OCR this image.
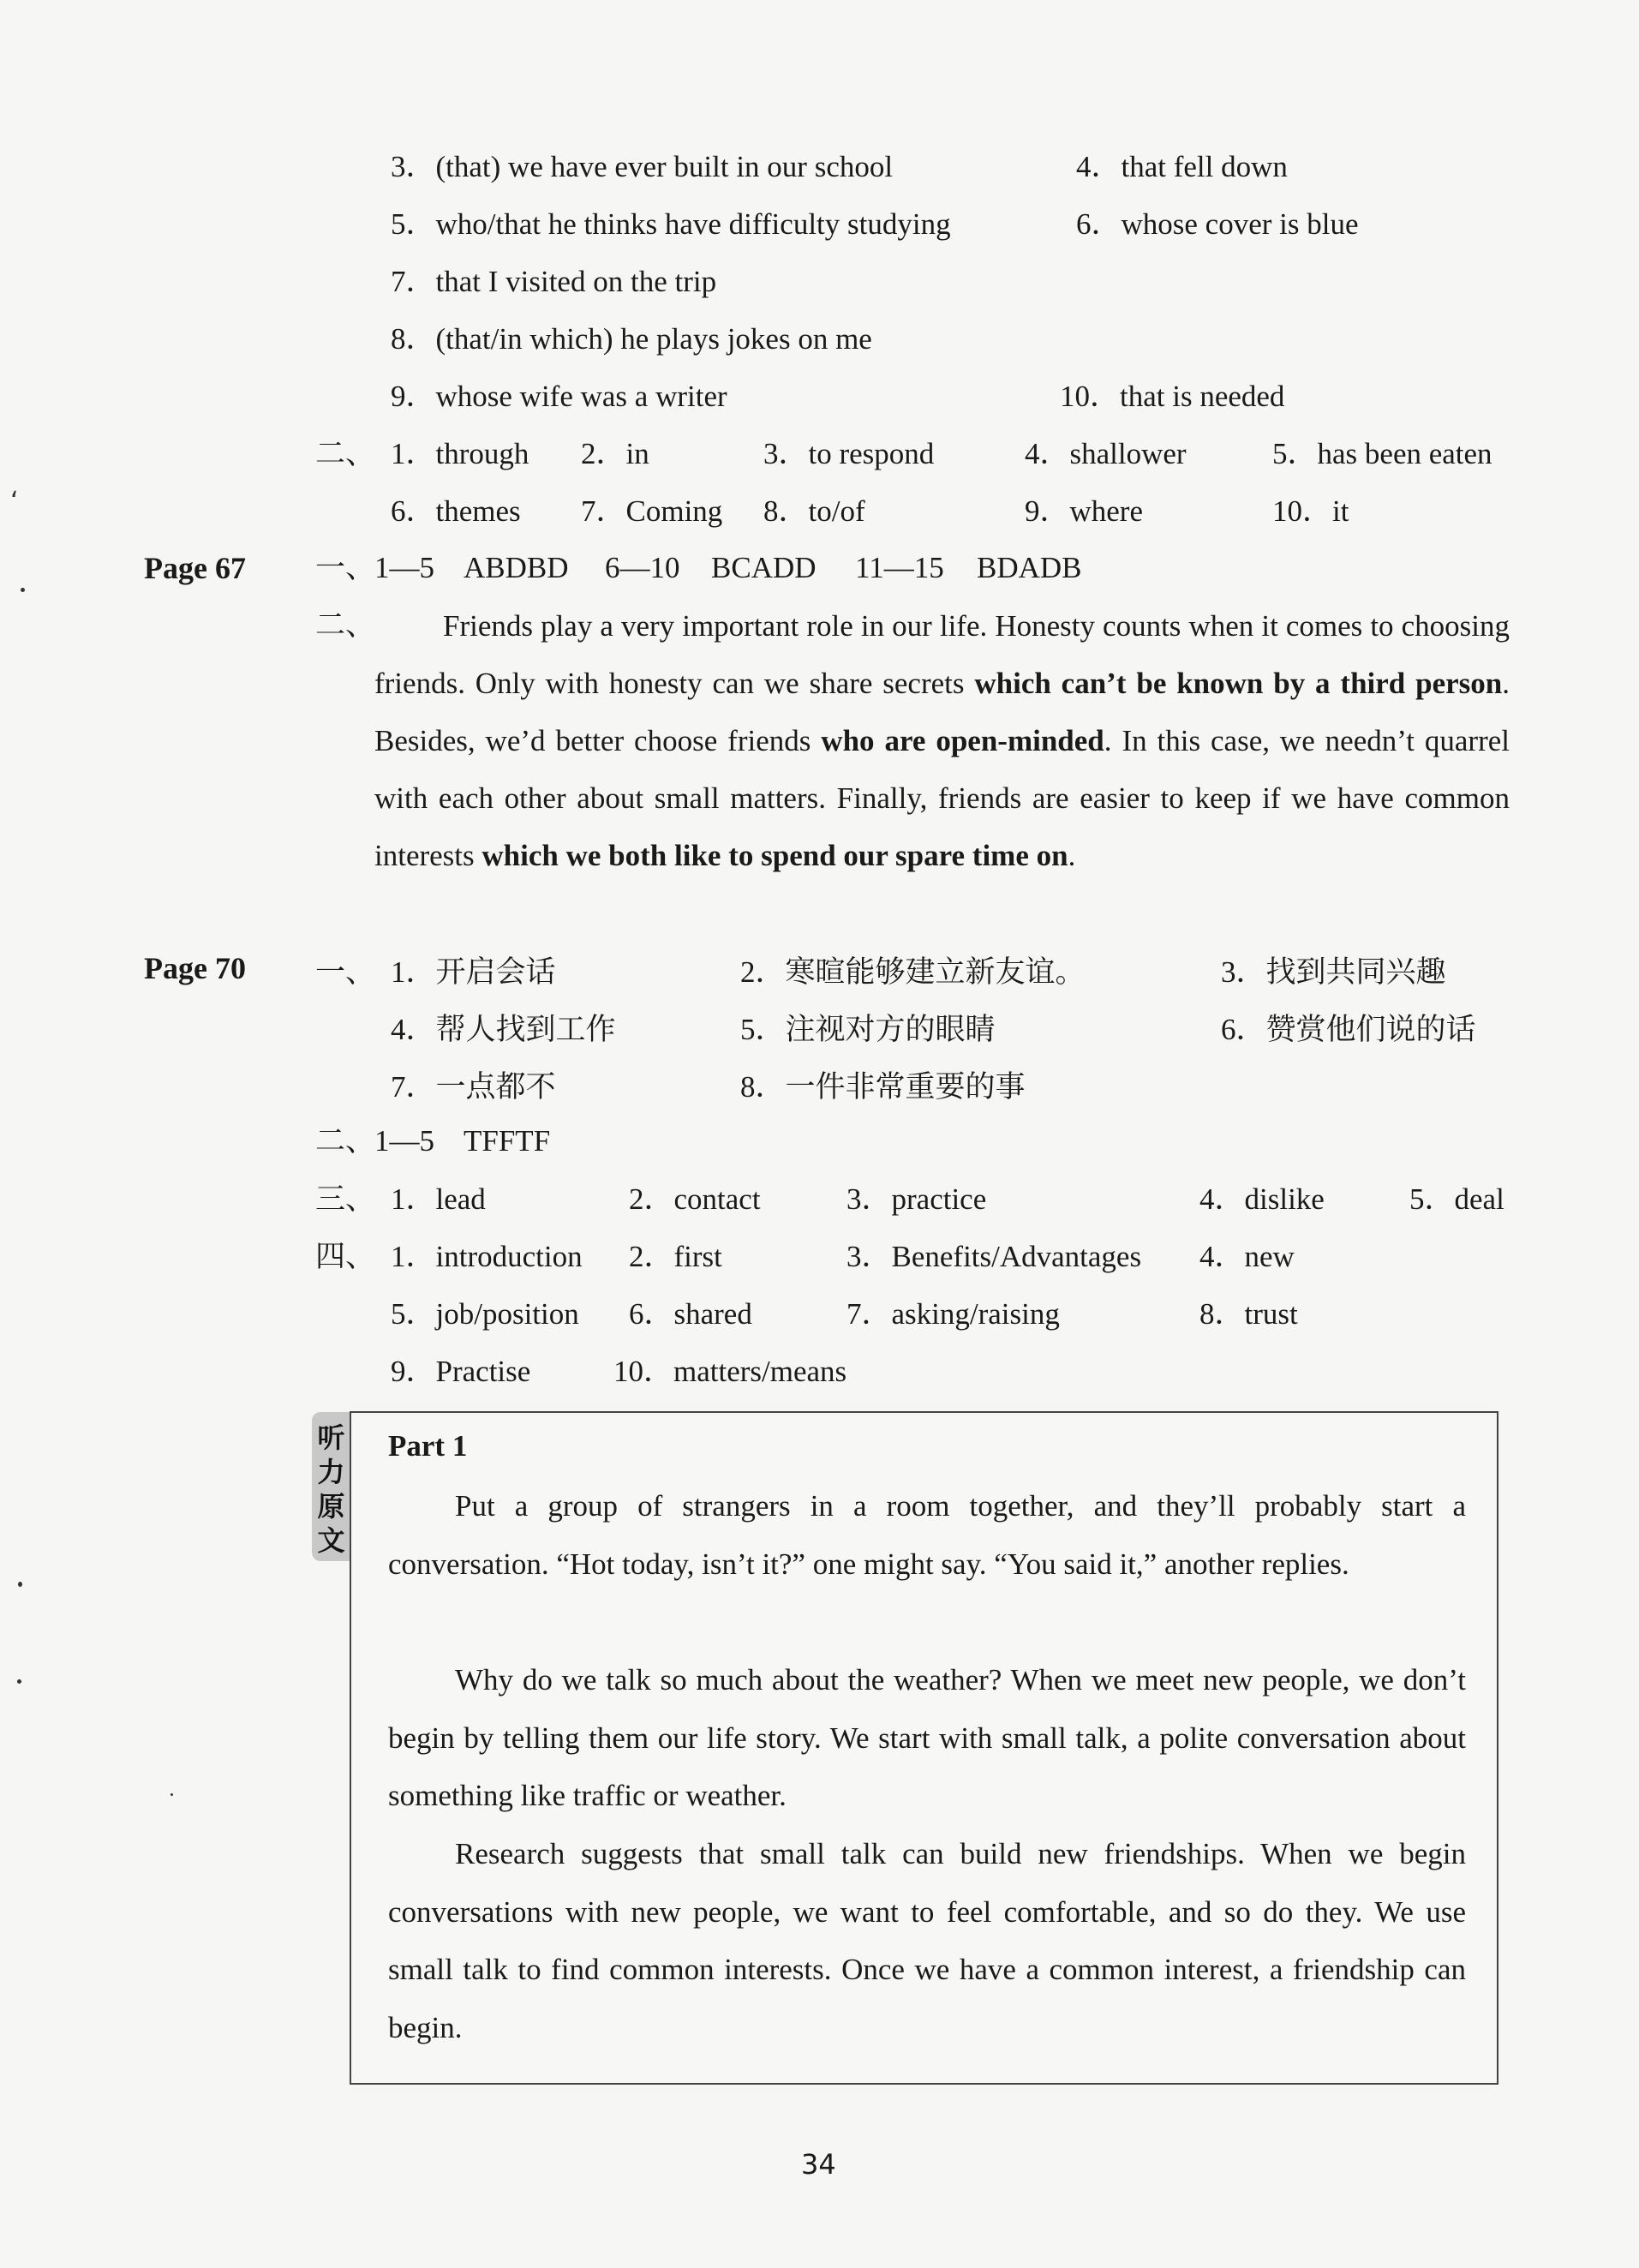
3．(that) we have ever built in our school	4．that fell down
5．who/that he thinks have difficulty studying	6．whose cover is blue
7．that I visited on the trip
8．(that/in which) he plays jokes on me
9．whose wife was a writer	10．that is needed
二、 1．through 2．in	3．to respond	4．shallower	5．has been eaten
6．themes 7．Coming 8．to/of	9．where	10．it
Page 67 一、
1—5 ABDBD 6—10 BCADD 11—15 BDADB
二、	Friends play a very important role in our life. Honesty counts when it comes to choosing friends. Only with honesty can we share secrets which can’t be known by a third person. Besides, we’d better choose friends who are open-minded. In this case, we needn’t quarrel with each other about small matters. Finally, friends are easier to keep if we have common interests which we both like to spend our spare time on.
Page 70 一、 1．开启会话	2．寒暄能够建立新友谊。	3．找到共同兴趣
4．帮人找到工作	5．注视对方的眼睛	6．赞赏他们说的话
7．一点都不	8．一件非常重要的事
二、
1—5 TFFTF
三、 1．lead	2．contact	3．practice	4．dislike	5．deal
四、 1．introduction 2．first	3．Benefits/Advantages 4．new
5．job/position 6．shared	7．asking/raising	8．trust
9．Practise	10．matters/means
听
力
原
文
Part 1
Put a group of strangers in a room together, and they’ll probably start a conversation. “Hot today, isn’t it?” one might say. “You said it,” another replies.
Why do we talk so much about the weather? When we meet new people, we don’t begin by telling them our life story. We start with small talk, a polite conversation about something like traffic or weather.
Research suggests that small talk can build new friendships. When we begin conversations with new people, we want to feel comfortable, and so do they. We use small talk to find common interests. Once we have a common interest, a friendship can begin.
34
ʻ
